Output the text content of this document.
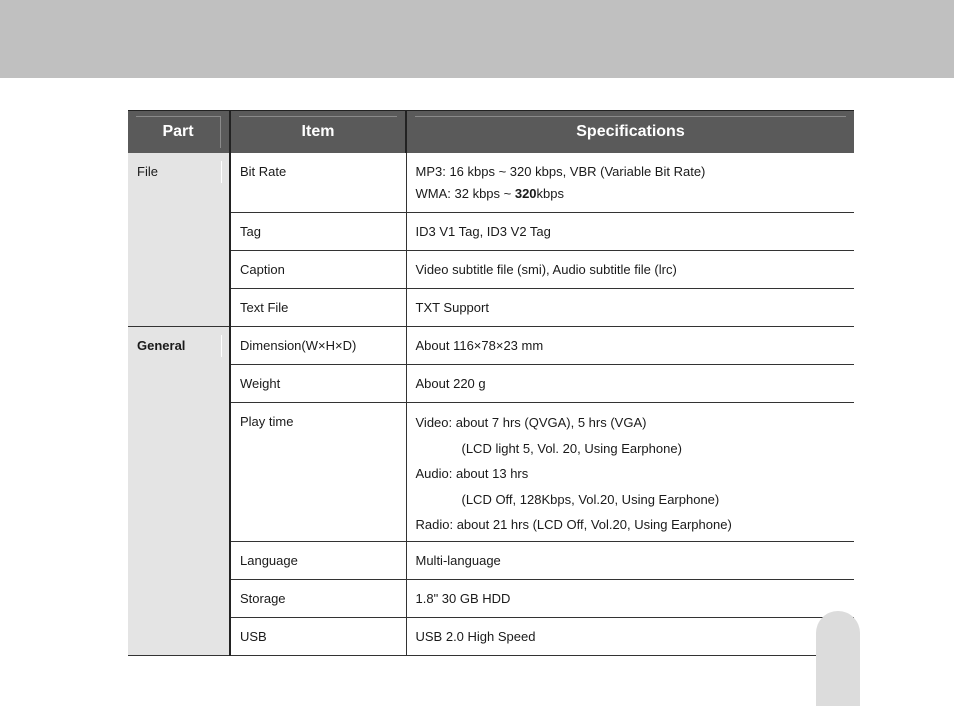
Part	Item	Specifications

File	Bit Rate	MP3: 16 kbps ~ 320 kbps, VBR (Variable Bit Rate)
WMA: 32 kbps ~ 320kbps

	Tag	ID3 V1 Tag, ID3 V2 Tag
	Caption	Video subtitle file (smi), Audio subtitle file (lrc)
	Text File	TXT Support

General	Dimension(W×H×D)	About 116×78×23 mm
	Weight	About 220 g
	Play time	Video: about 7 hrs (QVGA), 5 hrs (VGA)
(LCD light 5, Vol. 20, Using Earphone)
Audio: about 13 hrs
(LCD Off, 128Kbps, Vol.20, Using Earphone)
Radio: about 21 hrs (LCD Off, Vol.20, Using Earphone)

	Language	Multi-language
	Storage	1.8" 30 GB HDD
	USB	USB 2.0 High Speed
